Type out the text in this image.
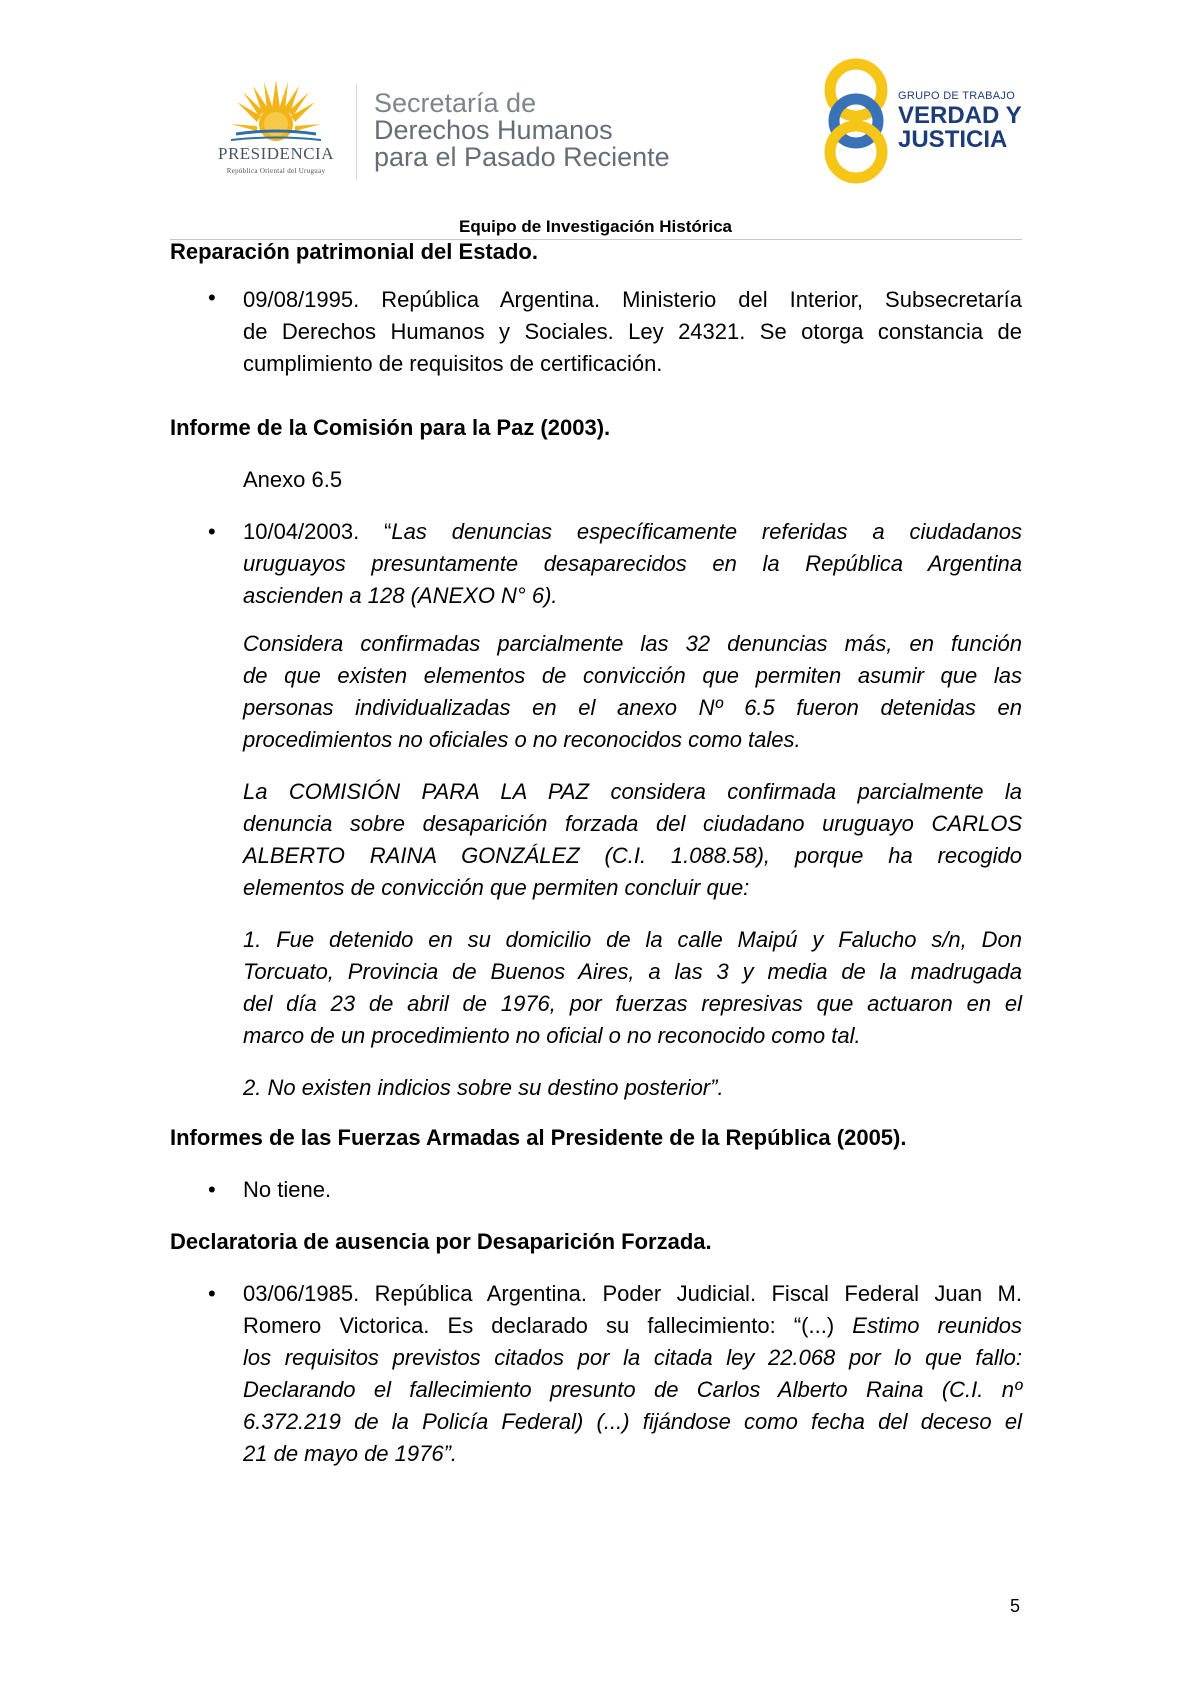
PRESIDENCIA
República Oriental del Uruguay
Secretaría de
Derechos Humanos
para el Pasado Reciente
GRUPO DE TRABAJO
VERDAD Y
JUSTICIA
Equipo de Investigación Histórica
Reparación patrimonial del Estado.
• 09/08/1995. República Argentina. Ministerio del Interior, Subsecretaría
de Derechos Humanos y Sociales. Ley 24321. Se otorga constancia de
cumplimiento de requisitos de certificación.
Informe de la Comisión para la Paz (2003).
Anexo 6.5
• 10/04/2003. “Las denuncias específicamente referidas a ciudadanos
uruguayos presuntamente desaparecidos en la República Argentina
ascienden a 128 (ANEXO N° 6).
Considera confirmadas parcialmente las 32 denuncias más, en función
de que existen elementos de convicción que permiten asumir que las
personas individualizadas en el anexo Nº 6.5 fueron detenidas en
procedimientos no oficiales o no reconocidos como tales.
La COMISIÓN PARA LA PAZ considera confirmada parcialmente la
denuncia sobre desaparición forzada del ciudadano uruguayo CARLOS
ALBERTO RAINA GONZÁLEZ (C.I. 1.088.58), porque ha recogido
elementos de convicción que permiten concluir que:
1. Fue detenido en su domicilio de la calle Maipú y Falucho s/n, Don
Torcuato, Provincia de Buenos Aires, a las 3 y media de la madrugada
del día 23 de abril de 1976, por fuerzas represivas que actuaron en el
marco de un procedimiento no oficial o no reconocido como tal.
2. No existen indicios sobre su destino posterior”.
Informes de las Fuerzas Armadas al Presidente de la República (2005).
• No tiene.
Declaratoria de ausencia por Desaparición Forzada.
• 03/06/1985. República Argentina. Poder Judicial. Fiscal Federal Juan M.
Romero Victorica. Es declarado su fallecimiento: “(...) Estimo reunidos
los requisitos previstos citados por la citada ley 22.068 por lo que fallo:
Declarando el fallecimiento presunto de Carlos Alberto Raina (C.I. nº
6.372.219 de la Policía Federal) (...) fijándose como fecha del deceso el
21 de mayo de 1976”.
5
